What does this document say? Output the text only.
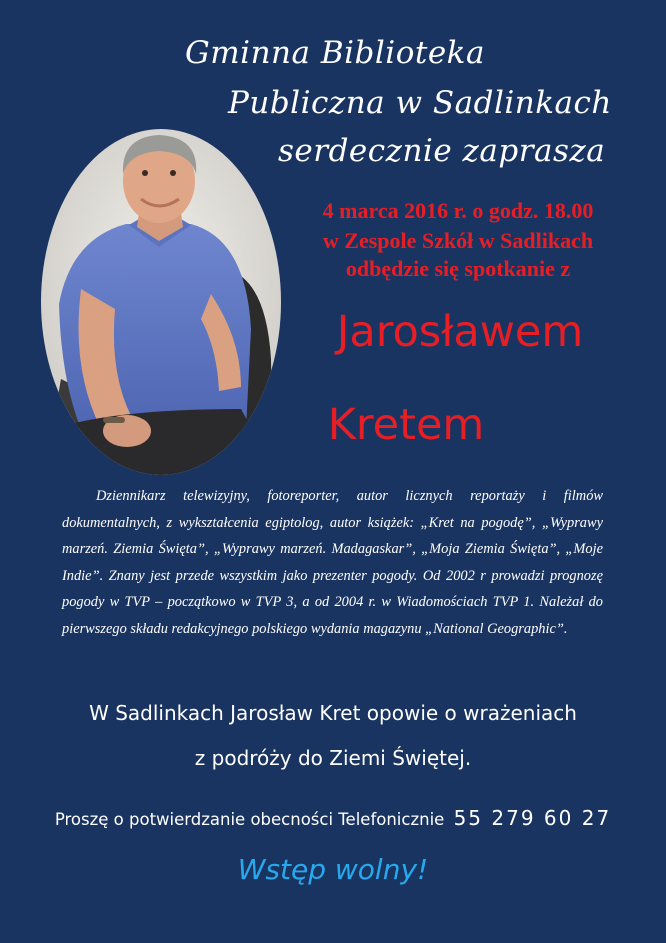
Gminna Biblioteka
Publiczna w Sadlinkach
serdecznie zaprasza
4 marca 2016 r. o godz. 18.00
w Zespole Szkół w Sadlikach
odbędzie się spotkanie z
Jarosławem
Kretem
Dziennikarz telewizyjny, fotoreporter, autor licznych reportaży i filmów dokumentalnych, z wykształcenia egiptolog, autor książek: „Kret na pogodę”, „Wyprawy marzeń. Ziemia Święta”, „Wyprawy marzeń. Madagaskar”, „Moja Ziemia Święta”, „Moje Indie”. Znany jest przede wszystkim jako prezenter pogody. Od 2002 r prowadzi prognozę pogody w TVP – początkowo w TVP 3, a od 2004 r. w Wiadomościach TVP 1. Należał do pierwszego składu redakcyjnego polskiego wydania magazynu „National Geographic”.
W Sadlinkach Jarosław Kret opowie o wrażeniach
z podróży do Ziemi Świętej.
Proszę o potwierdzanie obecności Telefonicznie 55 279 60 27
Wstęp wolny!
